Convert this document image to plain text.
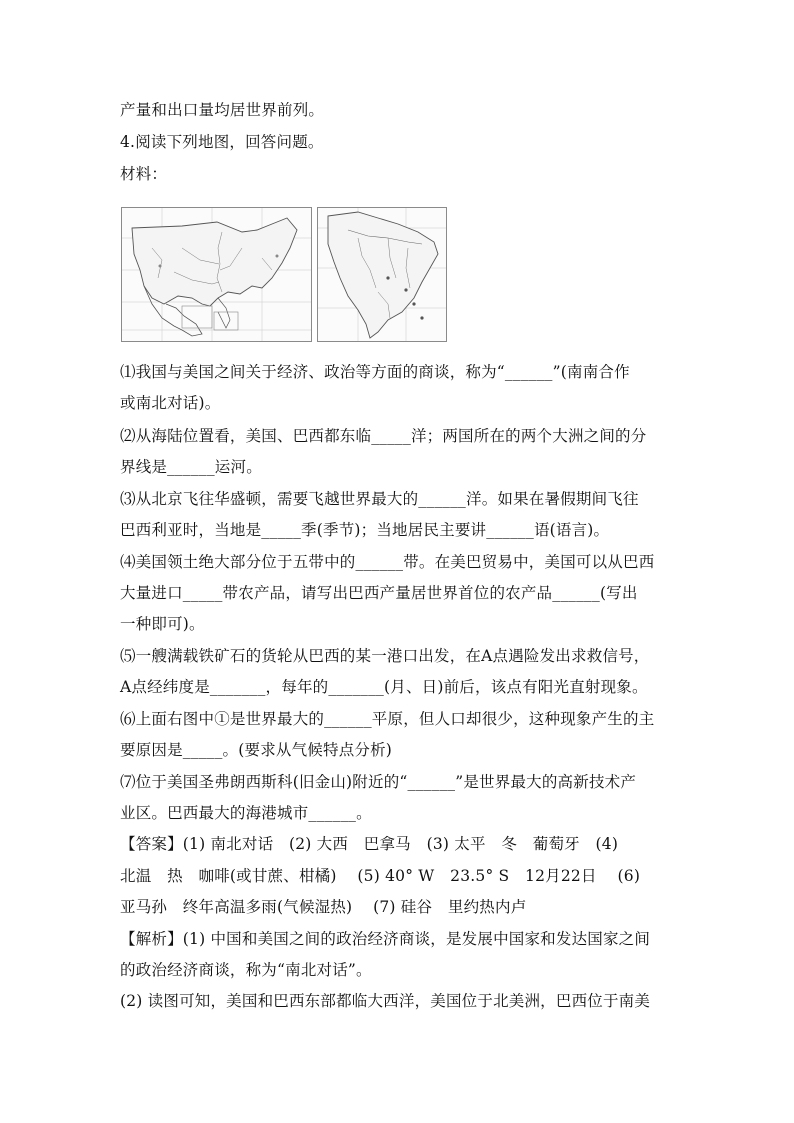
产量和出口量均居世界前列。
4.阅读下列地图，回答问题。
材料：
⑴我国与美国之间关于经济、政治等方面的商谈，称为“______”(南南合作
或南北对话)。
⑵从海陆位置看，美国、巴西都东临_____洋；两国所在的两个大洲之间的分
界线是______运河。
⑶从北京飞往华盛顿，需要飞越世界最大的______洋。如果在暑假期间飞往
巴西利亚时，当地是_____季(季节)；当地居民主要讲______语(语言)。
⑷美国领土绝大部分位于五带中的______带。在美巴贸易中，美国可以从巴西
大量进口_____带农产品，请写出巴西产量居世界首位的农产品______(写出
一种即可)。
⑸一艘满载铁矿石的货轮从巴西的某一港口出发，在A点遇险发出求救信号，
A点经纬度是_______，每年的_______(月、日)前后，该点有阳光直射现象。
⑹上面右图中①是世界最大的______平原，但人口却很少，这种现象产生的主
要原因是_____。(要求从气候特点分析)
⑺位于美国圣弗朗西斯科(旧金山)附近的“______”是世界最大的高新技术产
业区。巴西最大的海港城市______。
【答案】(1) 南北对话　(2) 大西　巴拿马　(3) 太平　冬　葡萄牙　(4)
北温　热　咖啡(或甘蔗、柑橘)　 (5) 40° W　23.5° S　12月22日　 (6)
亚马孙　终年高温多雨(气候湿热)　 (7) 硅谷　里约热内卢
【解析】(1) 中国和美国之间的政治经济商谈，是发展中国家和发达国家之间
的政治经济商谈，称为“南北对话”。
(2) 读图可知，美国和巴西东部都临大西洋，美国位于北美洲，巴西位于南美
